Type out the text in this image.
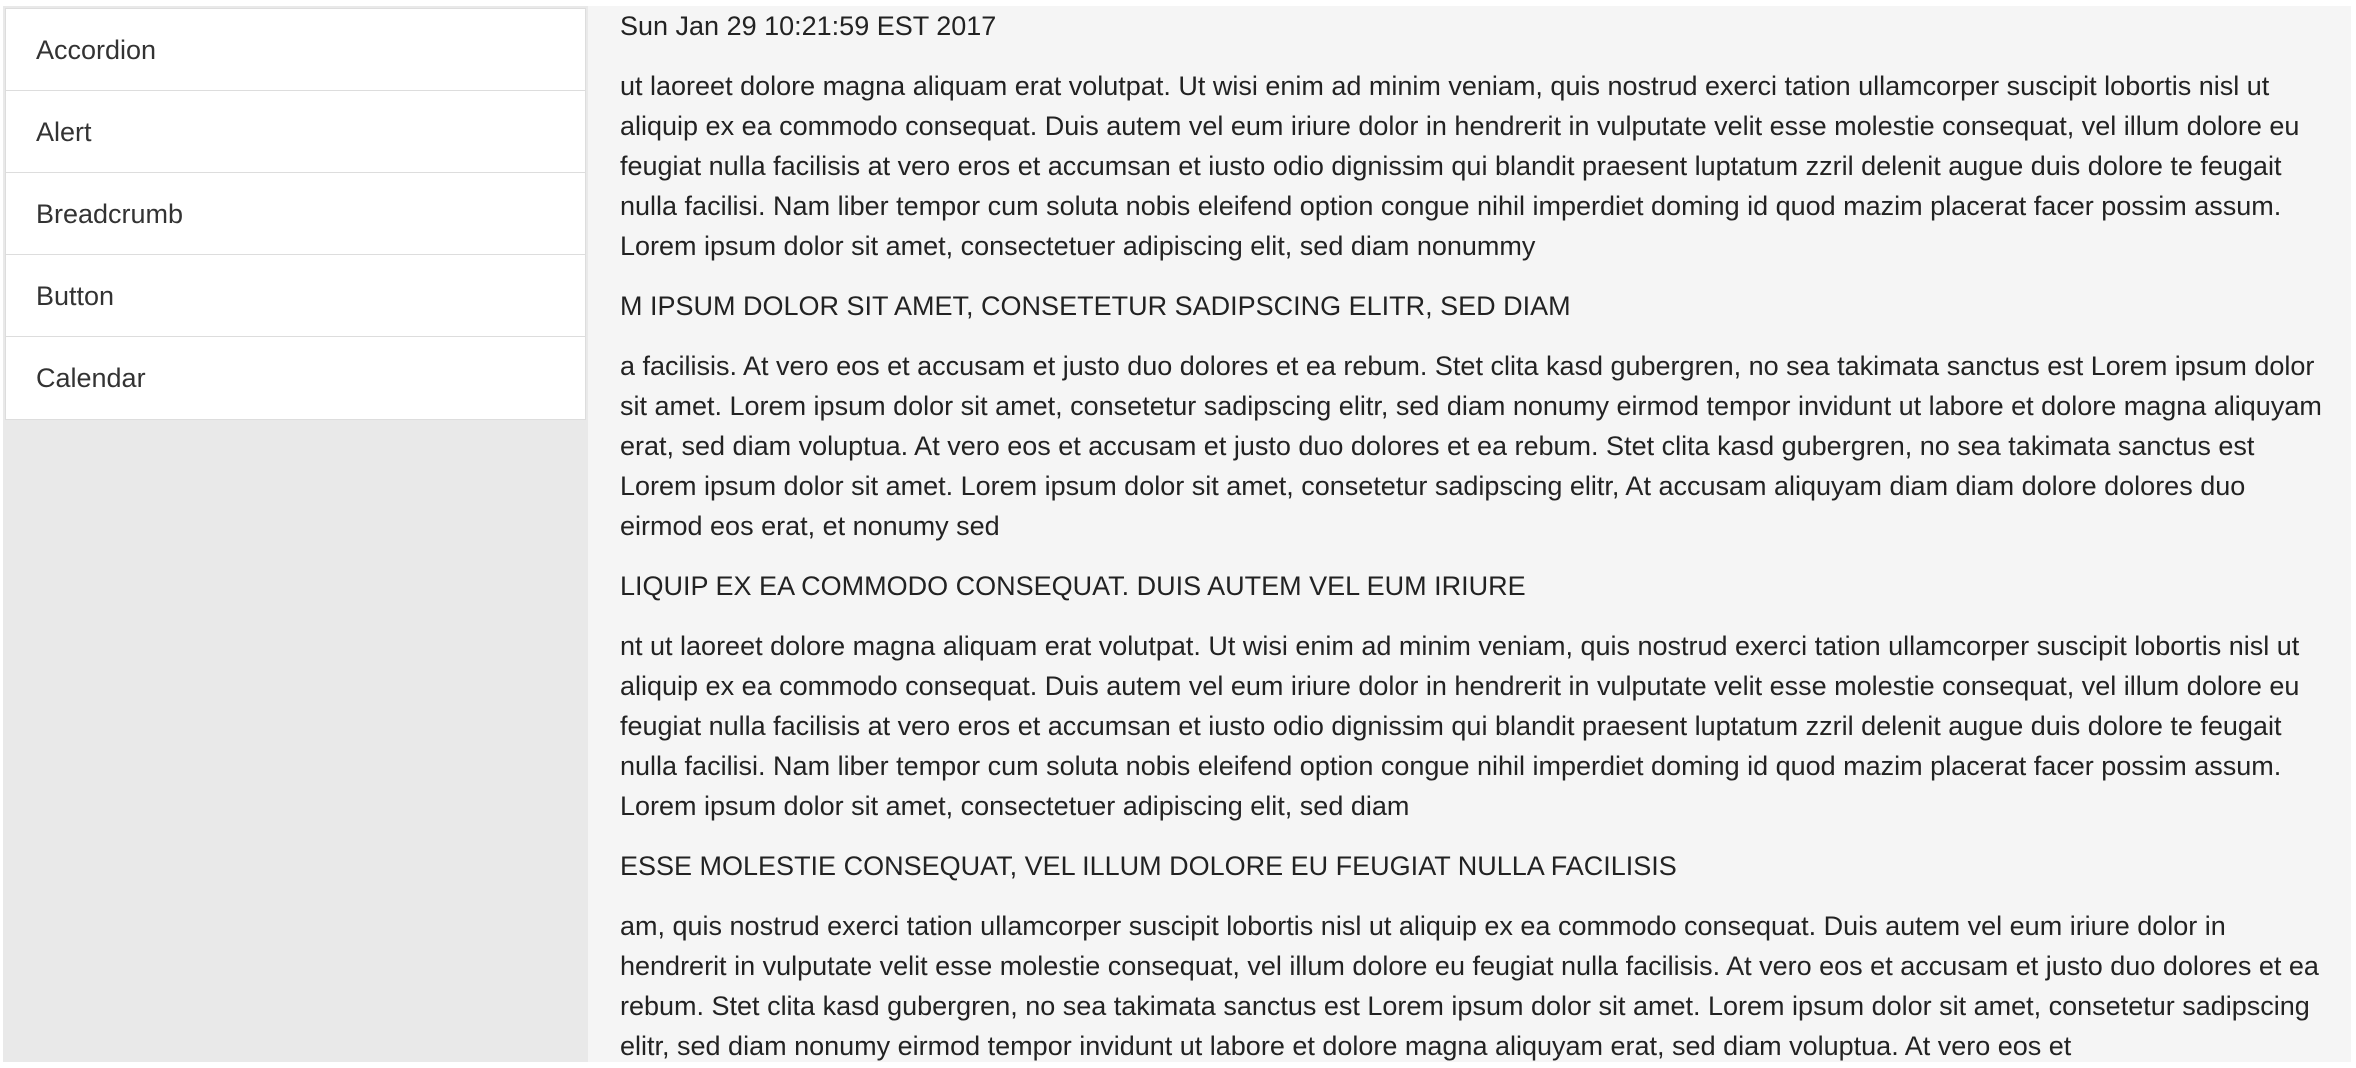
Accordion
Alert
Breadcrumb
Button
Calendar
Sun Jan 29 10:21:59 EST 2017

ut laoreet dolore magna aliquam erat volutpat. Ut wisi enim ad minim veniam, quis nostrud exerci tation ullamcorper suscipit lobortis nisl ut aliquip ex ea commodo consequat. Duis autem vel eum iriure dolor in hendrerit in vulputate velit esse molestie consequat, vel illum dolore eu feugiat nulla facilisis at vero eros et accumsan et iusto odio dignissim qui blandit praesent luptatum zzril delenit augue duis dolore te feugait nulla facilisi. Nam liber tempor cum soluta nobis eleifend option congue nihil imperdiet doming id quod mazim placerat facer possim assum. Lorem ipsum dolor sit amet, consectetuer adipiscing elit, sed diam nonummy

M IPSUM DOLOR SIT AMET, CONSETETUR SADIPSCING ELITR, SED DIAM

a facilisis. At vero eos et accusam et justo duo dolores et ea rebum. Stet clita kasd gubergren, no sea takimata sanctus est Lorem ipsum dolor sit amet. Lorem ipsum dolor sit amet, consetetur sadipscing elitr, sed diam nonumy eirmod tempor invidunt ut labore et dolore magna aliquyam erat, sed diam voluptua. At vero eos et accusam et justo duo dolores et ea rebum. Stet clita kasd gubergren, no sea takimata sanctus est Lorem ipsum dolor sit amet. Lorem ipsum dolor sit amet, consetetur sadipscing elitr, At accusam aliquyam diam diam dolore dolores duo eirmod eos erat, et nonumy sed

LIQUIP EX EA COMMODO CONSEQUAT. DUIS AUTEM VEL EUM IRIURE

nt ut laoreet dolore magna aliquam erat volutpat. Ut wisi enim ad minim veniam, quis nostrud exerci tation ullamcorper suscipit lobortis nisl ut aliquip ex ea commodo consequat. Duis autem vel eum iriure dolor in hendrerit in vulputate velit esse molestie consequat, vel illum dolore eu feugiat nulla facilisis at vero eros et accumsan et iusto odio dignissim qui blandit praesent luptatum zzril delenit augue duis dolore te feugait nulla facilisi. Nam liber tempor cum soluta nobis eleifend option congue nihil imperdiet doming id quod mazim placerat facer possim assum. Lorem ipsum dolor sit amet, consectetuer adipiscing elit, sed diam

ESSE MOLESTIE CONSEQUAT, VEL ILLUM DOLORE EU FEUGIAT NULLA FACILISIS

am, quis nostrud exerci tation ullamcorper suscipit lobortis nisl ut aliquip ex ea commodo consequat. Duis autem vel eum iriure dolor in hendrerit in vulputate velit esse molestie consequat, vel illum dolore eu feugiat nulla facilisis. At vero eos et accusam et justo duo dolores et ea rebum. Stet clita kasd gubergren, no sea takimata sanctus est Lorem ipsum dolor sit amet. Lorem ipsum dolor sit amet, consetetur sadipscing elitr, sed diam nonumy eirmod tempor invidunt ut labore et dolore magna aliquyam erat, sed diam voluptua. At vero eos et
